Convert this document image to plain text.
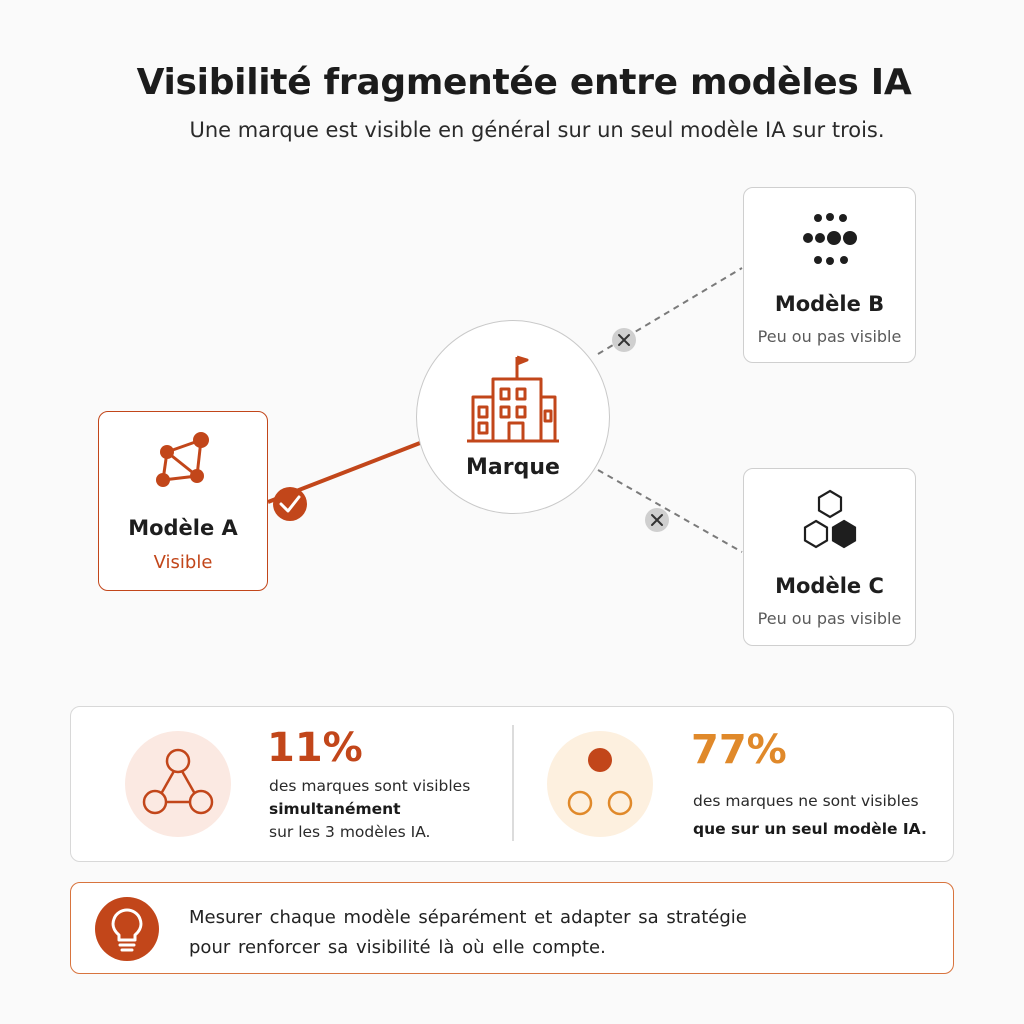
Visibilité fragmentée entre modèles IA
Une marque est visible en général sur un seul modèle IA sur trois.
Modèle A
Visible
Marque
Modèle B
Peu ou pas visible
Modèle C
Peu ou pas visible
11%
des marques sont visibles
simultanément
sur les 3 modèles IA.
77%
des marques ne sont visibles
que sur un seul modèle IA.
Mesurer chaque modèle séparément et adapter sa stratégie
pour renforcer sa visibilité là où elle compte.
